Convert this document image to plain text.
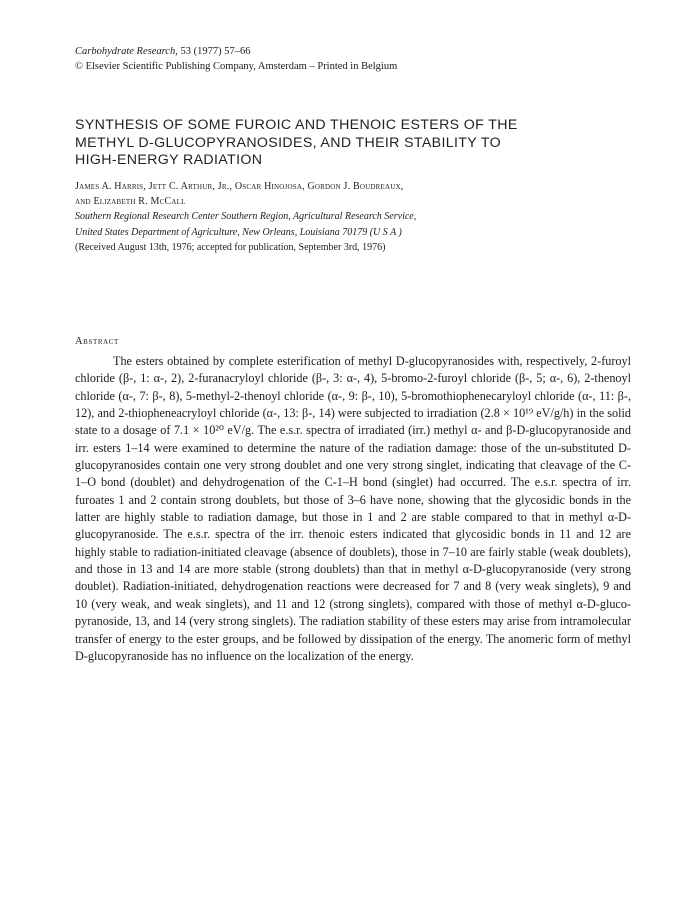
Carbohydrate Research, 53 (1977) 57–66
© Elsevier Scientific Publishing Company, Amsterdam – Printed in Belgium
SYNTHESIS OF SOME FUROIC AND THENOIC ESTERS OF THE
METHYL D-GLUCOPYRANOSIDES, AND THEIR STABILITY TO
HIGH-ENERGY RADIATION
James A. Harris, Jett C. Arthur, Jr., Oscar Hinojosa, Gordon J. Boudreaux,
and Elizabeth R. McCall
Southern Regional Research Center Southern Region, Agricultural Research Service,
United States Department of Agriculture, New Orleans, Louisiana 70179 (U S A )
(Received August 13th, 1976; accepted for publication, September 3rd, 1976)
Abstract

The esters obtained by complete esterification of methyl D-glucopyranosides with, respectively, 2-furoyl chloride (β-, 1: α-, 2), 2-furanacryloyl chloride (β-, 3: α-, 4), 5-bromo-2-furoyl chloride (β-, 5; α-, 6), 2-thenoyl chloride (α-, 7: β-, 8), 5-methyl-2-thenoyl chloride (α-, 9: β-, 10), 5-bromothiophenecaryloyl chloride (α-, 11: β-, 12), and 2-thiopheneacryloyl chloride (α-, 13: β-, 14) were subjected to irradiation (2.8 × 10¹⁹ eV/g/h) in the solid state to a dosage of 7.1 × 10²⁰ eV/g. The e.s.r. spectra of irradiated (irr.) methyl α- and β-D-glucopyranoside and irr. esters 1–14 were examined to determine the nature of the radiation damage: those of the un-substituted D-glucopyranosides contain one very strong doublet and one very strong singlet, indicating that cleavage of the C-1–O bond (doublet) and dehydrogenation of the C-1–H bond (singlet) had occurred. The e.s.r. spectra of irr. furoates 1 and 2 contain strong doublets, but those of 3–6 have none, showing that the glycosidic bonds in the latter are highly stable to radiation damage, but those in 1 and 2 are stable compared to that in methyl α-D-glucopyranoside. The e.s.r. spectra of the irr. thenoic esters indicated that glycosidic bonds in 11 and 12 are highly stable to radiation-initiated cleavage (absence of doublets), those in 7–10 are fairly stable (weak doublets), and those in 13 and 14 are more stable (strong doublets) than that in methyl α-D-glucopyranoside (very strong doublet). Radiation-initiated, dehydrogenation reactions were decreased for 7 and 8 (very weak singlets), 9 and 10 (very weak, and weak singlets), and 11 and 12 (strong singlets), compared with those of methyl α-D-gluco-pyranoside, 13, and 14 (very strong singlets). The radiation stability of these esters may arise from intramolecular transfer of energy to the ester groups, and be followed by dissipation of the energy. The anomeric form of methyl D-glucopyranoside has no influence on the localization of the energy.
